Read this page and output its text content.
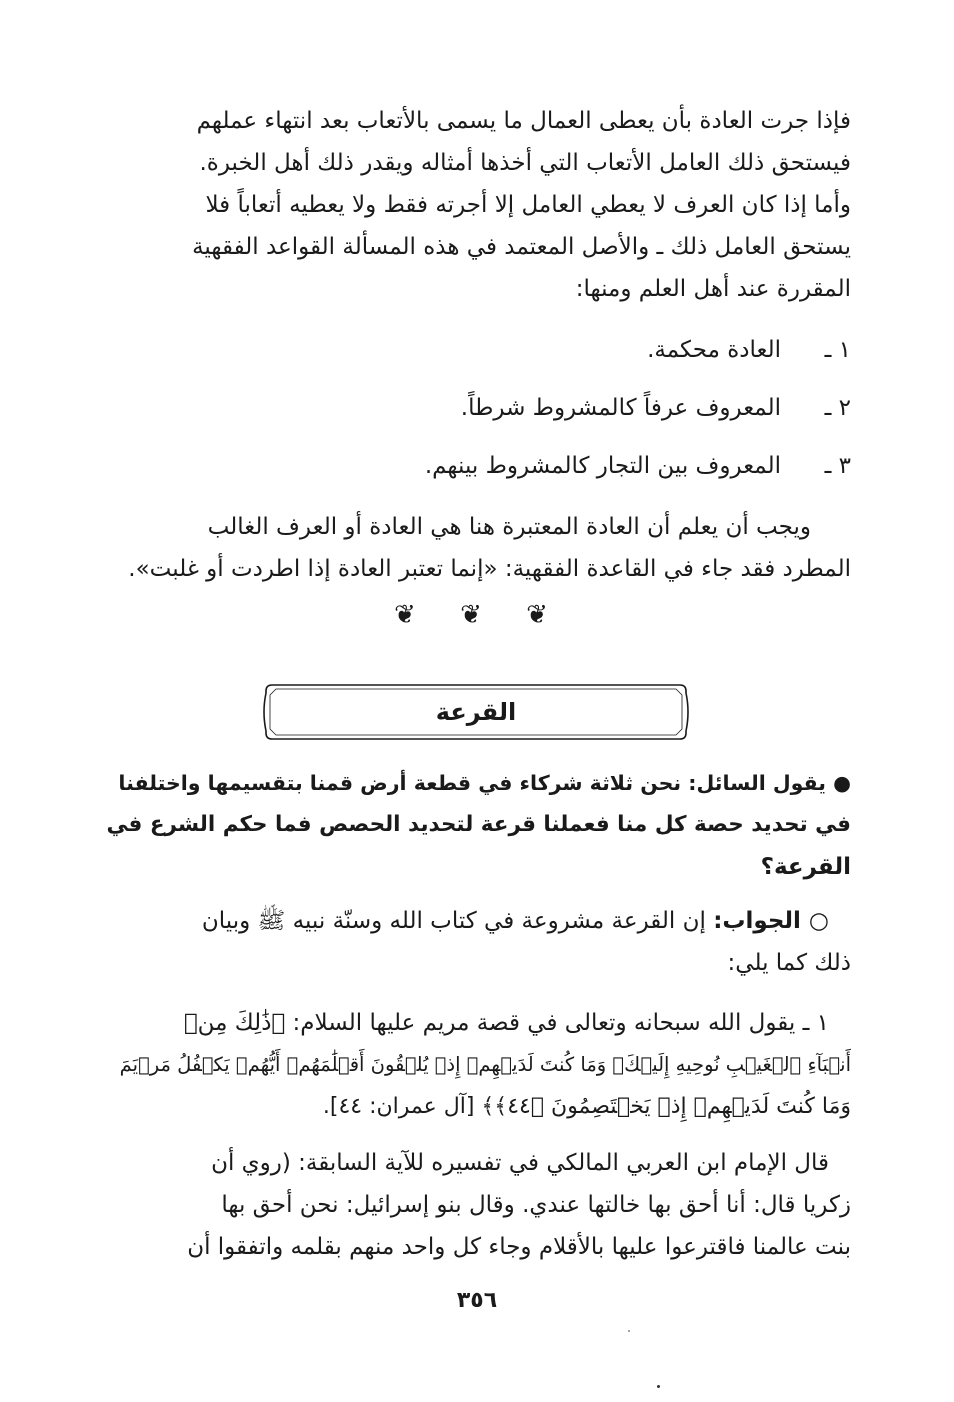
فإذا جرت العادة بأن يعطى العمال ما يسمى بالأتعاب بعد انتهاء عملهم
فيستحق ذلك العامل الأتعاب التي أخذها أمثاله ويقدر ذلك أهل الخبرة.
وأما إذا كان العرف لا يعطي العامل إلا أجرته فقط ولا يعطيه أتعاباً فلا
يستحق العامل ذلك ـ والأصل المعتمد في هذه المسألة القواعد الفقهية
المقررة عند أهل العلم ومنها:
١ ـالعادة محكمة.
٢ ـالمعروف عرفاً كالمشروط شرطاً.
٣ ـالمعروف بين التجار كالمشروط بينهم.
ويجب أن يعلم أن العادة المعتبرة هنا هي العادة أو العرف الغالب
المطرد فقد جاء في القاعدة الفقهية: «إنما تعتبر العادة إذا اطردت أو غلبت».
❦ ❦ ❦
القرعة
● يقول السائل: نحن ثلاثة شركاء في قطعة أرض قمنا بتقسيمها واختلفنا
في تحديد حصة كل منا فعملنا قرعة لتحديد الحصص فما حكم الشرع في
القرعة؟
○ الجواب: إن القرعة مشروعة في كتاب الله وسنّة نبيه ﷺ وبيان
ذلك كما يلي:
١ ـ يقول الله سبحانه وتعالى في قصة مريم عليها السلام: ﴿ذَٰلِكَ مِنۡ
أَنۢبَآءِ ٱلۡغَيۡبِ نُوحِيهِ إِلَيۡكَۚ وَمَا كُنتَ لَدَيۡهِمۡ إِذۡ يُلۡقُونَ أَقۡلَٰمَهُمۡ أَيُّهُمۡ يَكۡفُلُ مَرۡيَمَ
وَمَا كُنتَ لَدَيۡهِمۡ إِذۡ يَخۡتَصِمُونَ ﴿٤٤﴾﴾ [آل عمران: ٤٤].
قال الإمام ابن العربي المالكي في تفسيره للآية السابقة: (روي أن
زكريا قال: أنا أحق بها خالتها عندي. وقال بنو إسرائيل: نحن أحق بها
بنت عالمنا فاقترعوا عليها بالأقلام وجاء كل واحد منهم بقلمه واتفقوا أن
٣٥٦
